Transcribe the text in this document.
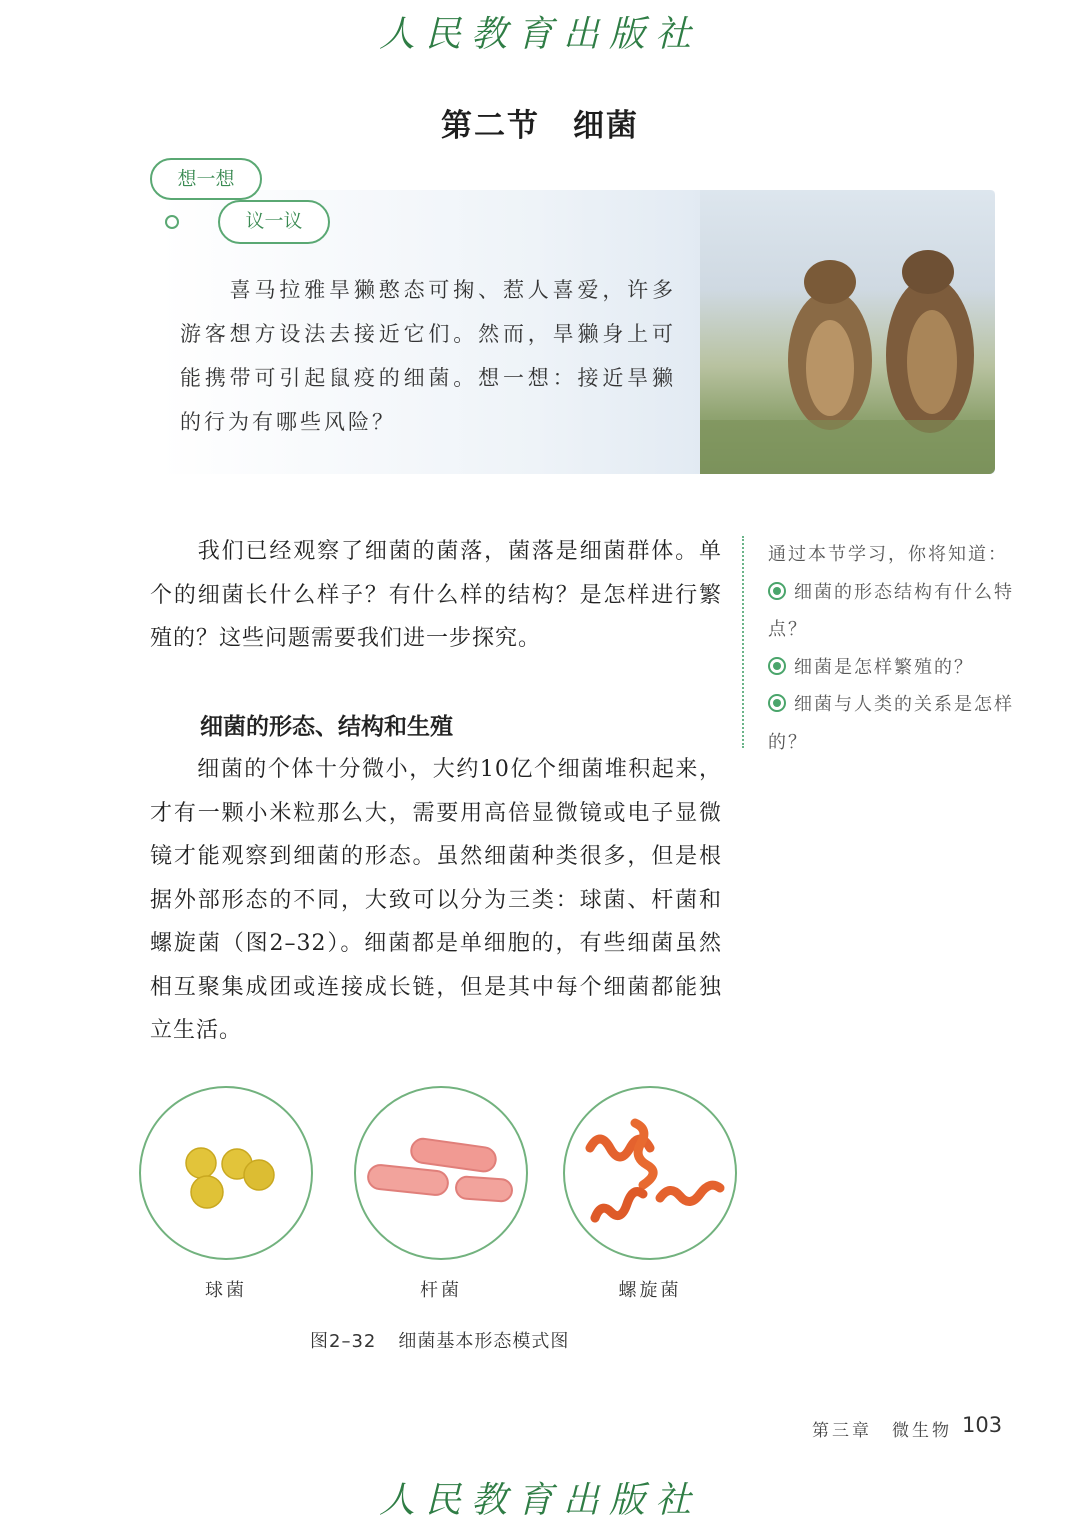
人民教育出版社
第二节　细菌
想一想
议一议
　　喜马拉雅旱獭憨态可掬、惹人喜爱，许多游客想方设法去接近它们。然而，旱獭身上可能携带可引起鼠疫的细菌。想一想：接近旱獭的行为有哪些风险？
　　我们已经观察了细菌的菌落，菌落是细菌群体。单个的细菌长什么样子？有什么样的结构？是怎样进行繁殖的？这些问题需要我们进一步探究。
细菌的形态、结构和生殖
　　细菌的个体十分微小，大约10亿个细菌堆积起来，才有一颗小米粒那么大，需要用高倍显微镜或电子显微镜才能观察到细菌的形态。虽然细菌种类很多，但是根据外部形态的不同，大致可以分为三类：球菌、杆菌和螺旋菌（图2–32）。细菌都是单细胞的，有些细菌虽然相互聚集成团或连接成长链，但是其中每个细菌都能独立生活。
通过本节学习，你将知道：
细菌的形态结构有什么特点？
细菌是怎样繁殖的？
细菌与人类的关系是怎样的？
球菌	杆菌	螺旋菌
图2–32 细菌基本形态模式图
第三章　微生物 103
人民教育出版社
